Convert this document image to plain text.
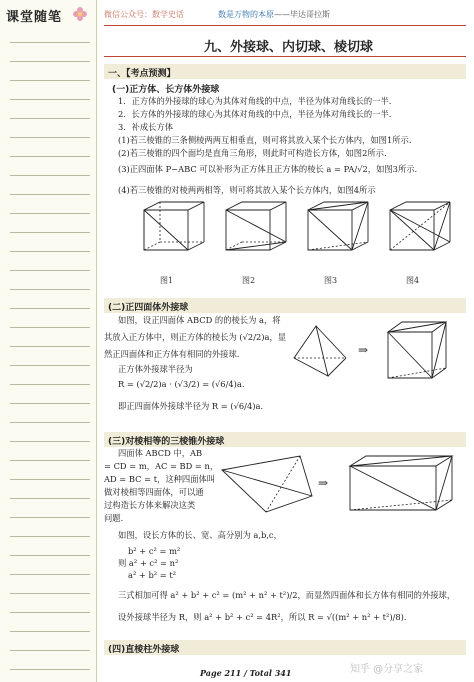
课堂随笔	微信公众号：数学史话	数是万物的本原 ——毕达哥拉斯
九、外接球、内切球、棱切球
一、【考点预测】
(一)正方体、长方体外接球
1．正方体的外接球的球心为其体对角线的中点，半径为体对角线长的一半.
2．长方体的外接球的球心为其体对角线的中点，半径为体对角线长的一半.
3．补成长方体
(1)若三棱锥的三条侧棱两两互相垂直，则可将其放入某个长方体内，如图1所示.
(2)若三棱锥的四个面均是直角三角形，则此时可构造长方体，如图2所示.
(3)正四面体 P−ABC 可以补形为正方体且正方体的棱长 a = PA/√2，如图3所示.
(4)若三棱锥的对棱两两相等，则可将其放入某个长方体内，如图4所示
图1	图2	图3	图4
(二)正四面体外接球
如图，设正四面体 ABCD 的的棱长为 a，将
其放入正方体中，则正方体的棱长为 (√2/2)a，显
然正四面体和正方体有相同的外接球.
正方体外接球半径为
R = (√2/2)a · (√3/2) = (√6/4)a.
即正四面体外接球半径为 R = (√6/4)a.
⇒
(三)对棱相等的三棱锥外接球
四面体 ABCD 中，AB
= CD = m，AC = BD = n，
AD = BC = t，这种四面体叫
做对棱相等四面体，可以通
过构造长方体来解决这类
问题.
如图，设长方体的长、宽、高分别为 a,b,c，
b² + c² = m²
则 a² + c² = n²
a² + b² = t²
三式相加可得 a² + b² + c² = (m² + n² + t²)/2，而显然四面体和长方体有相同的外接球，
设外接球半径为 R，则 a² + b² + c² = 4R²，所以 R = √((m² + n² + t²)/8).
⇒
(四)直棱柱外接球
Page 211 / Total 341	知乎 @分享之家
